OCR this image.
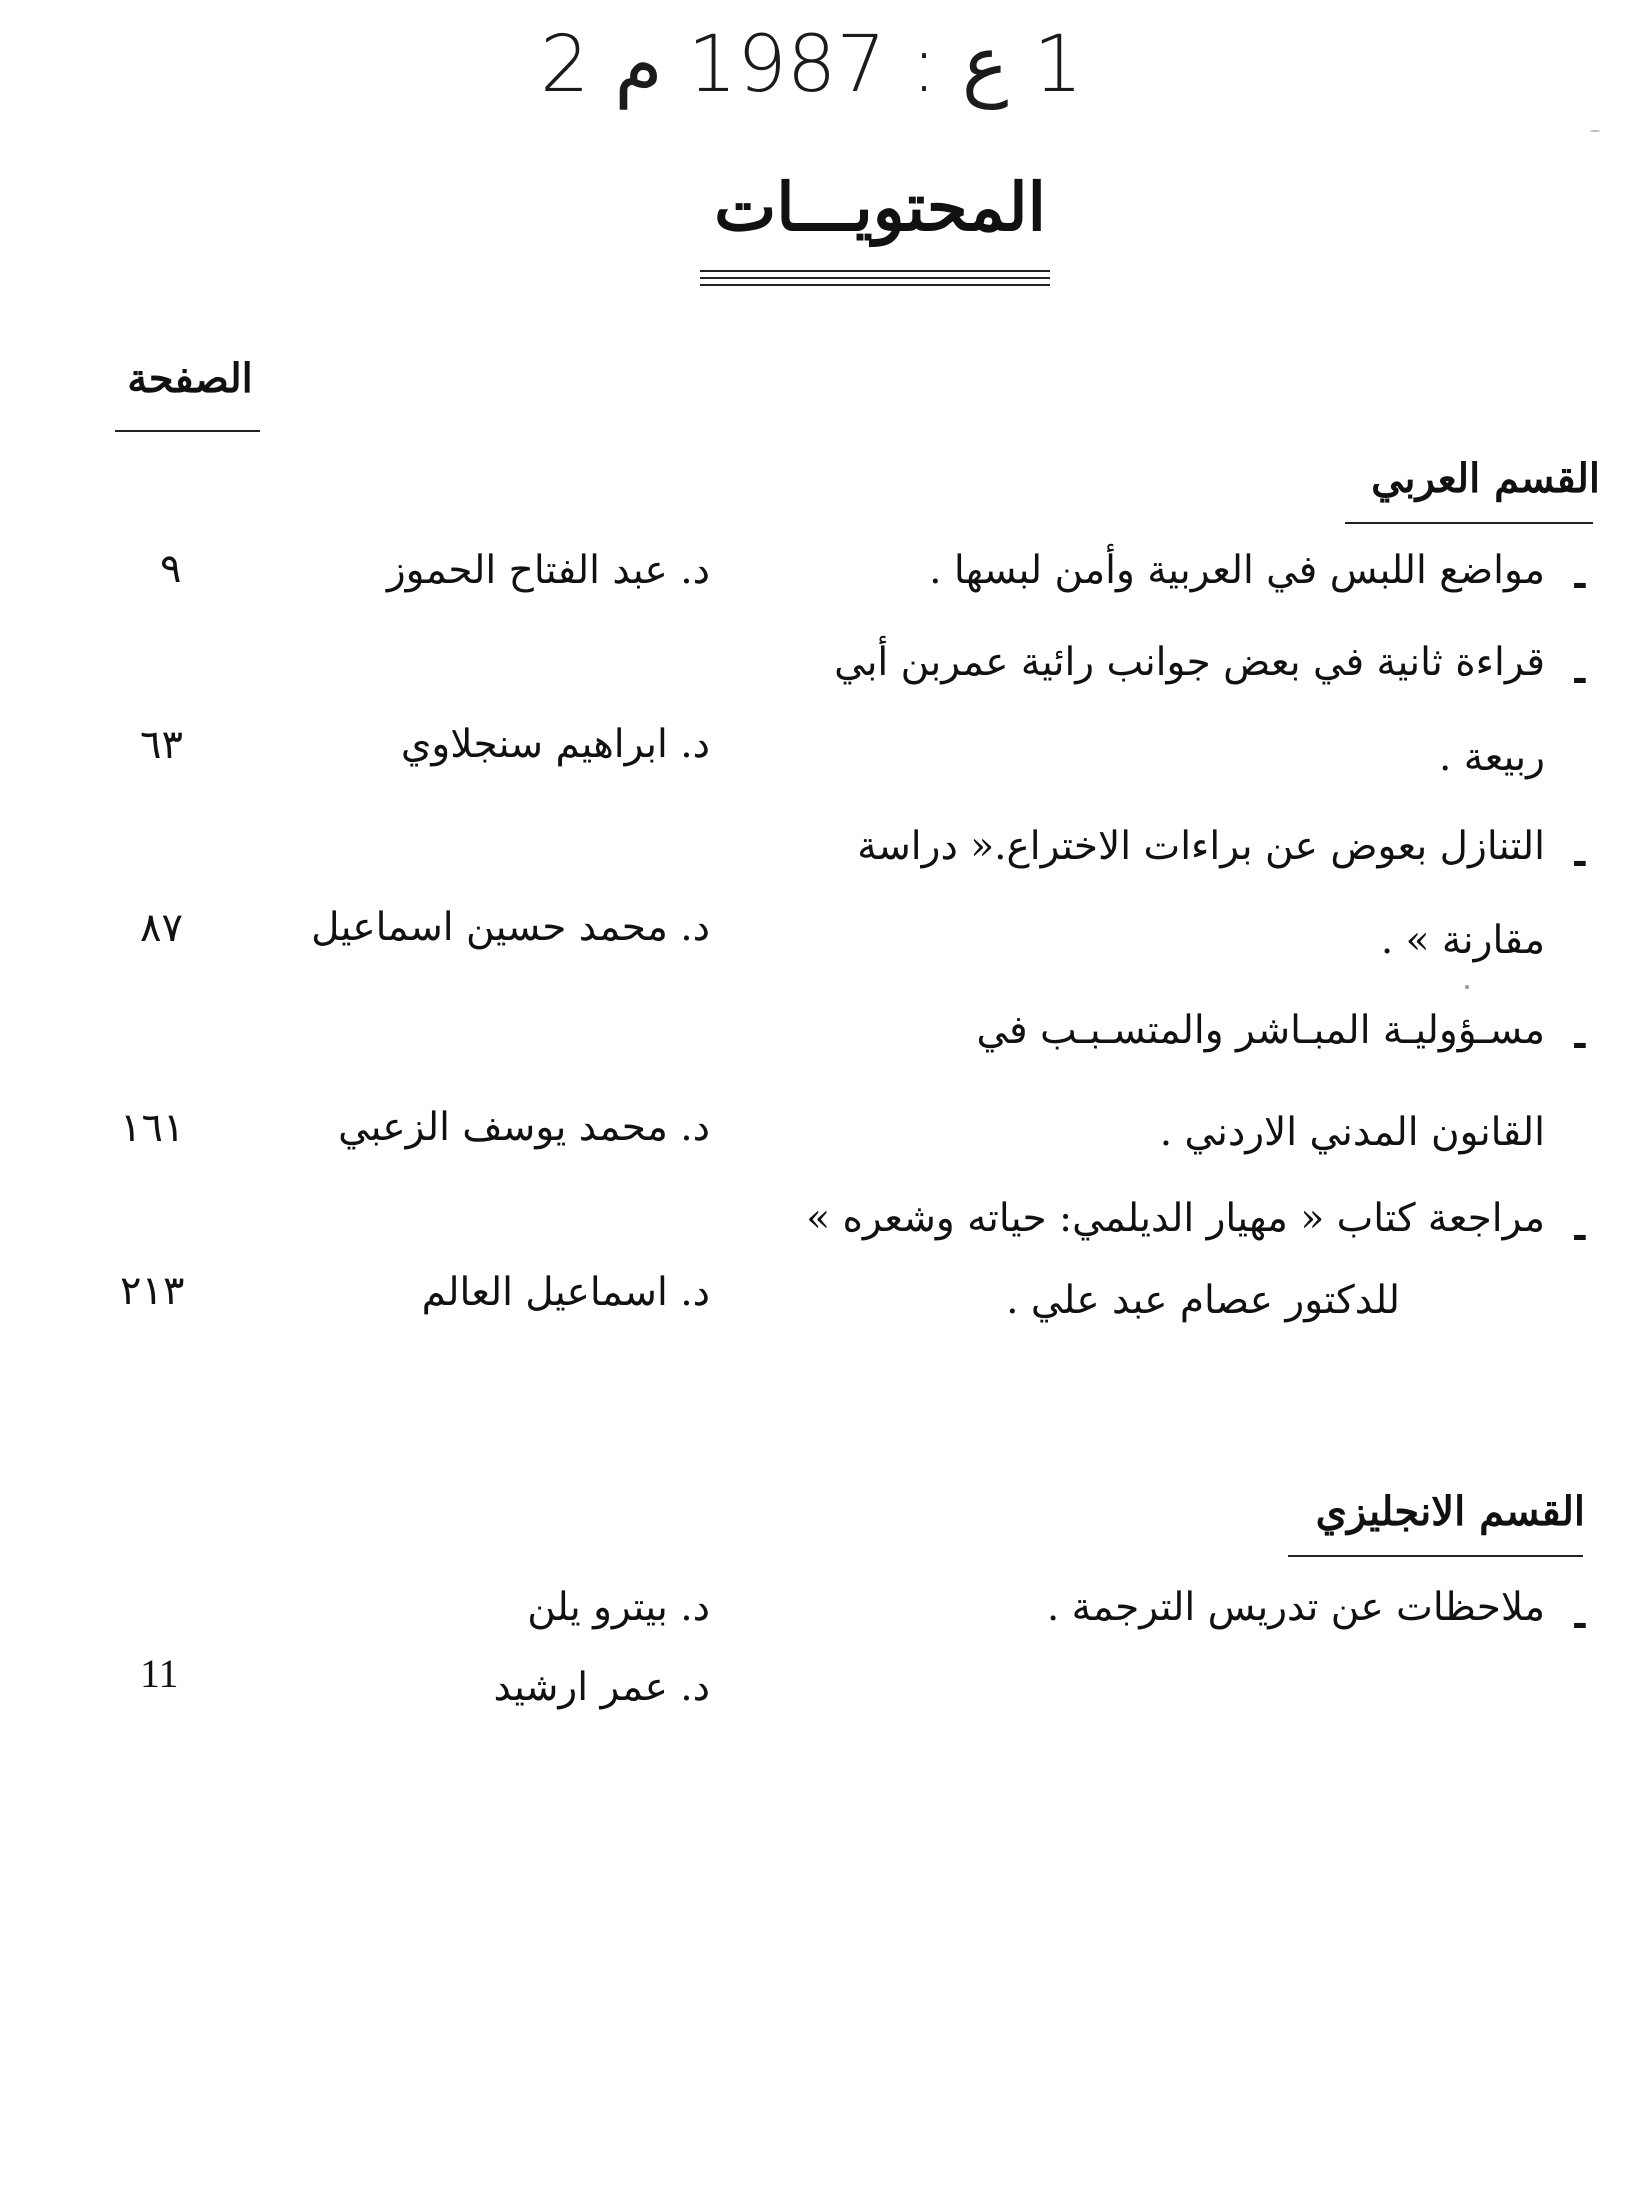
1 ع : 1987 م 2
المحتويـــات
الصفحة
القسم العربي
-
مواضع اللبس في العربية وأمن لبسها .
د. عبد الفتاح الحموز
٩
-
قراءة ثانية في بعض جوانب رائية عمربن أبي
ربيعة .
د. ابراهيم سنجلاوي
٦٣
-
التنازل بعوض عن براءات الاختراع.« دراسة
مقارنة » .
د. محمد حسين اسماعيل
٨٧
-
مسـؤوليـة المبـاشر والمتسـبـب في
القانون المدني الاردني .
د. محمد يوسف الزعبي
١٦١
-
مراجعة كتاب « مهيار الديلمي: حياته وشعره »
للدكتور عصام عبد علي .
د. اسماعيل العالم
٢١٣
القسم الانجليزي
-
ملاحظات عن تدريس الترجمة .
د. بيترو يلن
د. عمر ارشيد
11
